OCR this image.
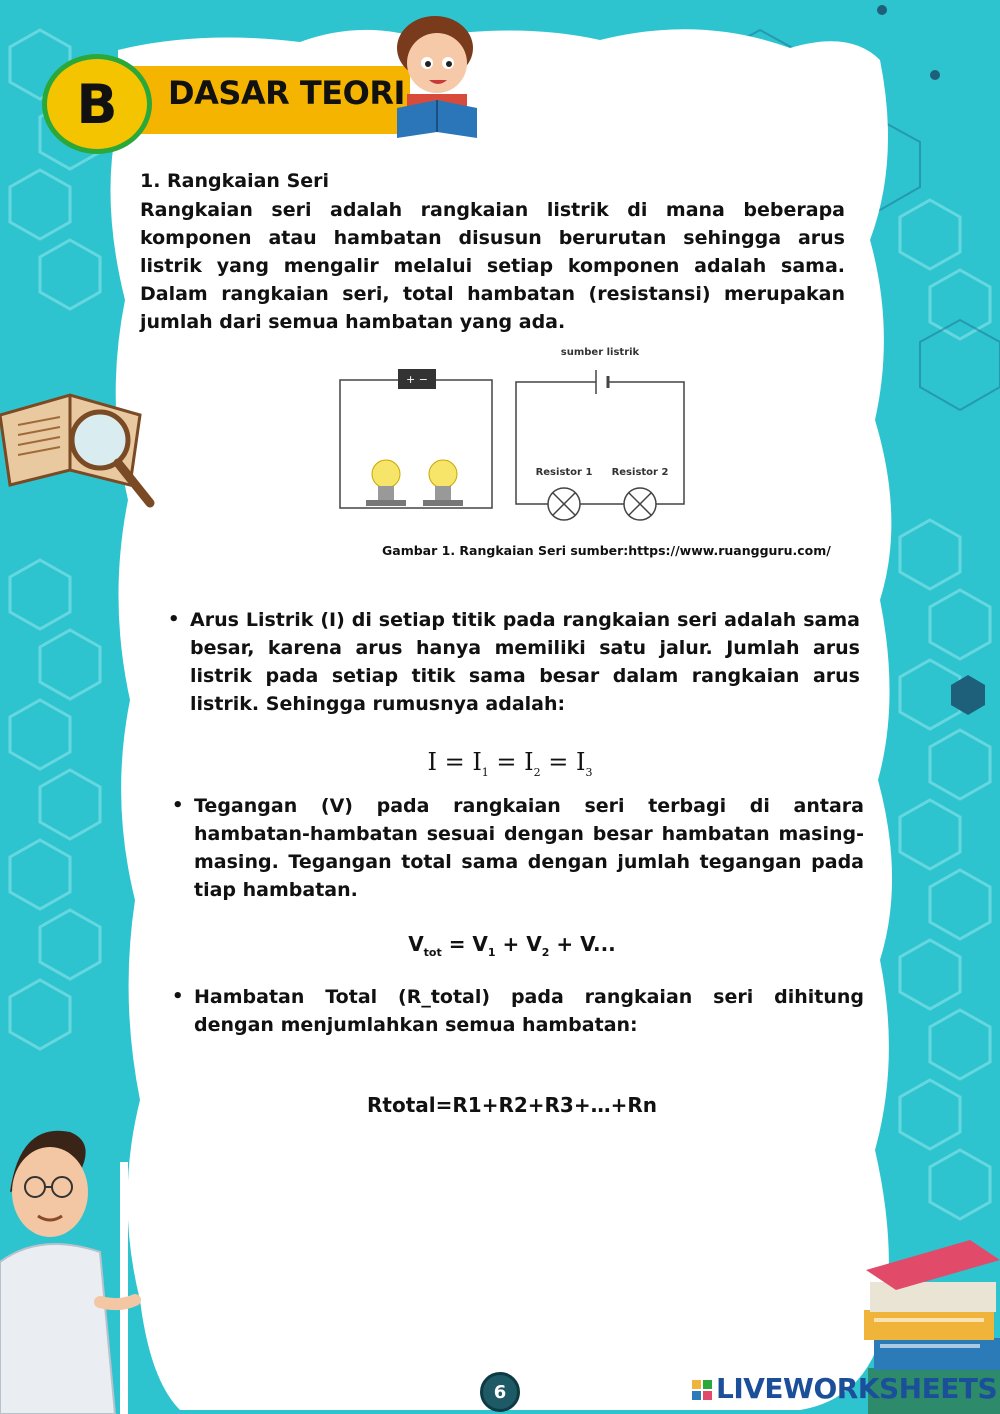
B	DASAR TEORI
1. Rangkaian Seri
Rangkaian seri adalah rangkaian listrik di mana beberapa komponen atau hambatan disusun berurutan sehingga arus listrik yang mengalir melalui setiap komponen adalah sama. Dalam rangkaian seri, total hambatan (resistansi) merupakan jumlah dari semua hambatan yang ada.
+ −
sumber listrik
Resistor 1 Resistor 2
Gambar 1. Rangkaian Seri sumber:https://www.ruangguru.com/
• Arus Listrik (I) di setiap titik pada rangkaian seri adalah sama besar, karena arus hanya memiliki satu jalur. Jumlah arus listrik pada setiap titik sama besar dalam rangkaian arus listrik. Sehingga rumusnya adalah:
$I = I_1 = I_2 = I_3$
• Tegangan (V) pada rangkaian seri terbagi di antara hambatan-hambatan sesuai dengan besar hambatan masing-masing. Tegangan total sama dengan jumlah tegangan pada tiap hambatan.
$V_{tot} = V_1 + V_2 + V$...
• Hambatan Total (R_total) pada rangkaian seri dihitung dengan menjumlahkan semua hambatan:
Rtotal=R1+R2+R3+…+Rn
6	LIVEWORKSHEETS
